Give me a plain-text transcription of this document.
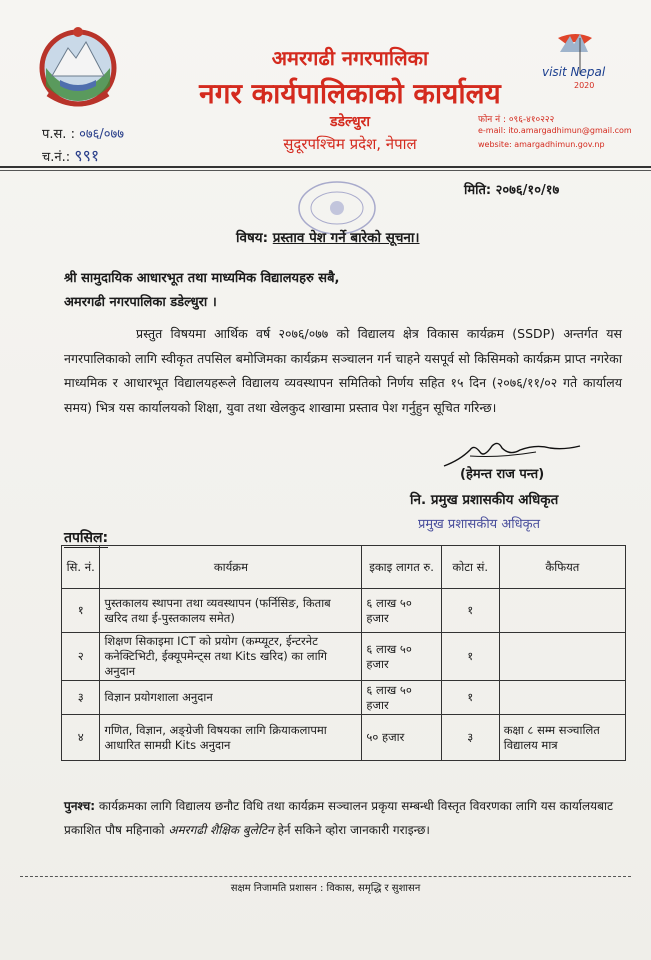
visit Nepal
2020
अमरगढी नगरपालिका
नगर कार्यपालिकाको कार्यालय
डडेल्धुरा
सुदूरपश्चिम प्रदेश, नेपाल
प.स. : ०७६/०७७
च.नं.: ९९१
फोन नं : ०९६-४१०२२२
e-mail: ito.amargadhimun@gmail.com
website: amargadhimun.gov.np
मिति: २०७६/१०/१७
विषय: प्रस्ताव पेश गर्ने बारेको सूचना।
श्री सामुदायिक आधारभूत तथा माध्यमिक विद्यालयहरु सबै,
अमरगढी नगरपालिका डडेल्धुरा ।
प्रस्तुत विषयमा आर्थिक वर्ष २०७६/०७७ को विद्यालय क्षेत्र विकास कार्यक्रम (SSDP) अन्तर्गत यस नगरपालिकाको लागि स्वीकृत तपसिल बमोजिमका कार्यक्रम सञ्चालन गर्न चाहने यसपूर्व सो किसिमको कार्यक्रम प्राप्त नगरेका माध्यमिक र आधारभूत विद्यालयहरूले विद्यालय व्यवस्थापन समितिको निर्णय सहित १५ दिन (२०७६/११/०२ गते कार्यालय समय) भित्र यस कार्यालयको शिक्षा, युवा तथा खेलकुद शाखामा प्रस्ताव पेश गर्नुहुन सूचित गरिन्छ।
(हेमन्त राज पन्त)
नि. प्रमुख प्रशासकीय अधिकृत
प्रमुख प्रशासकीय अधिकृत
तपसिल:
सि. नं.	कार्यक्रम	इकाइ लागत रु.	कोटा सं.	कैफियत
१	पुस्तकालय स्थापना तथा व्यवस्थापन (फर्निसिङ, किताब खरिद तथा ई-पुस्तकालय समेत)	६ लाख ५० हजार	१	
२	शिक्षण सिकाइमा ICT को प्रयोग (कम्प्यूटर, ईन्टरनेट कनेक्टिभिटी, ईक्यूपमेन्ट्स तथा Kits खरिद) का लागि अनुदान	६ लाख ५० हजार	१	
३	विज्ञान प्रयोगशाला अनुदान	६ लाख ५० हजार	१	
४	गणित, विज्ञान, अङ्ग्रेजी विषयका लागि क्रियाकलापमा आधारित सामग्री Kits अनुदान	५० हजार	३	कक्षा ८ सम्म सञ्चालित विद्यालय मात्र
पुनश्च: कार्यक्रमका लागि विद्यालय छनौट विधि तथा कार्यक्रम सञ्चालन प्रकृया सम्बन्धी विस्तृत विवरणका लागि यस कार्यालयबाट प्रकाशित पौष महिनाको अमरगढी शैक्षिक बुलेटिन हेर्न सकिने व्होरा जानकारी गराइन्छ।
सक्षम निजामति प्रशासन : विकास, समृद्धि र सुशासन
